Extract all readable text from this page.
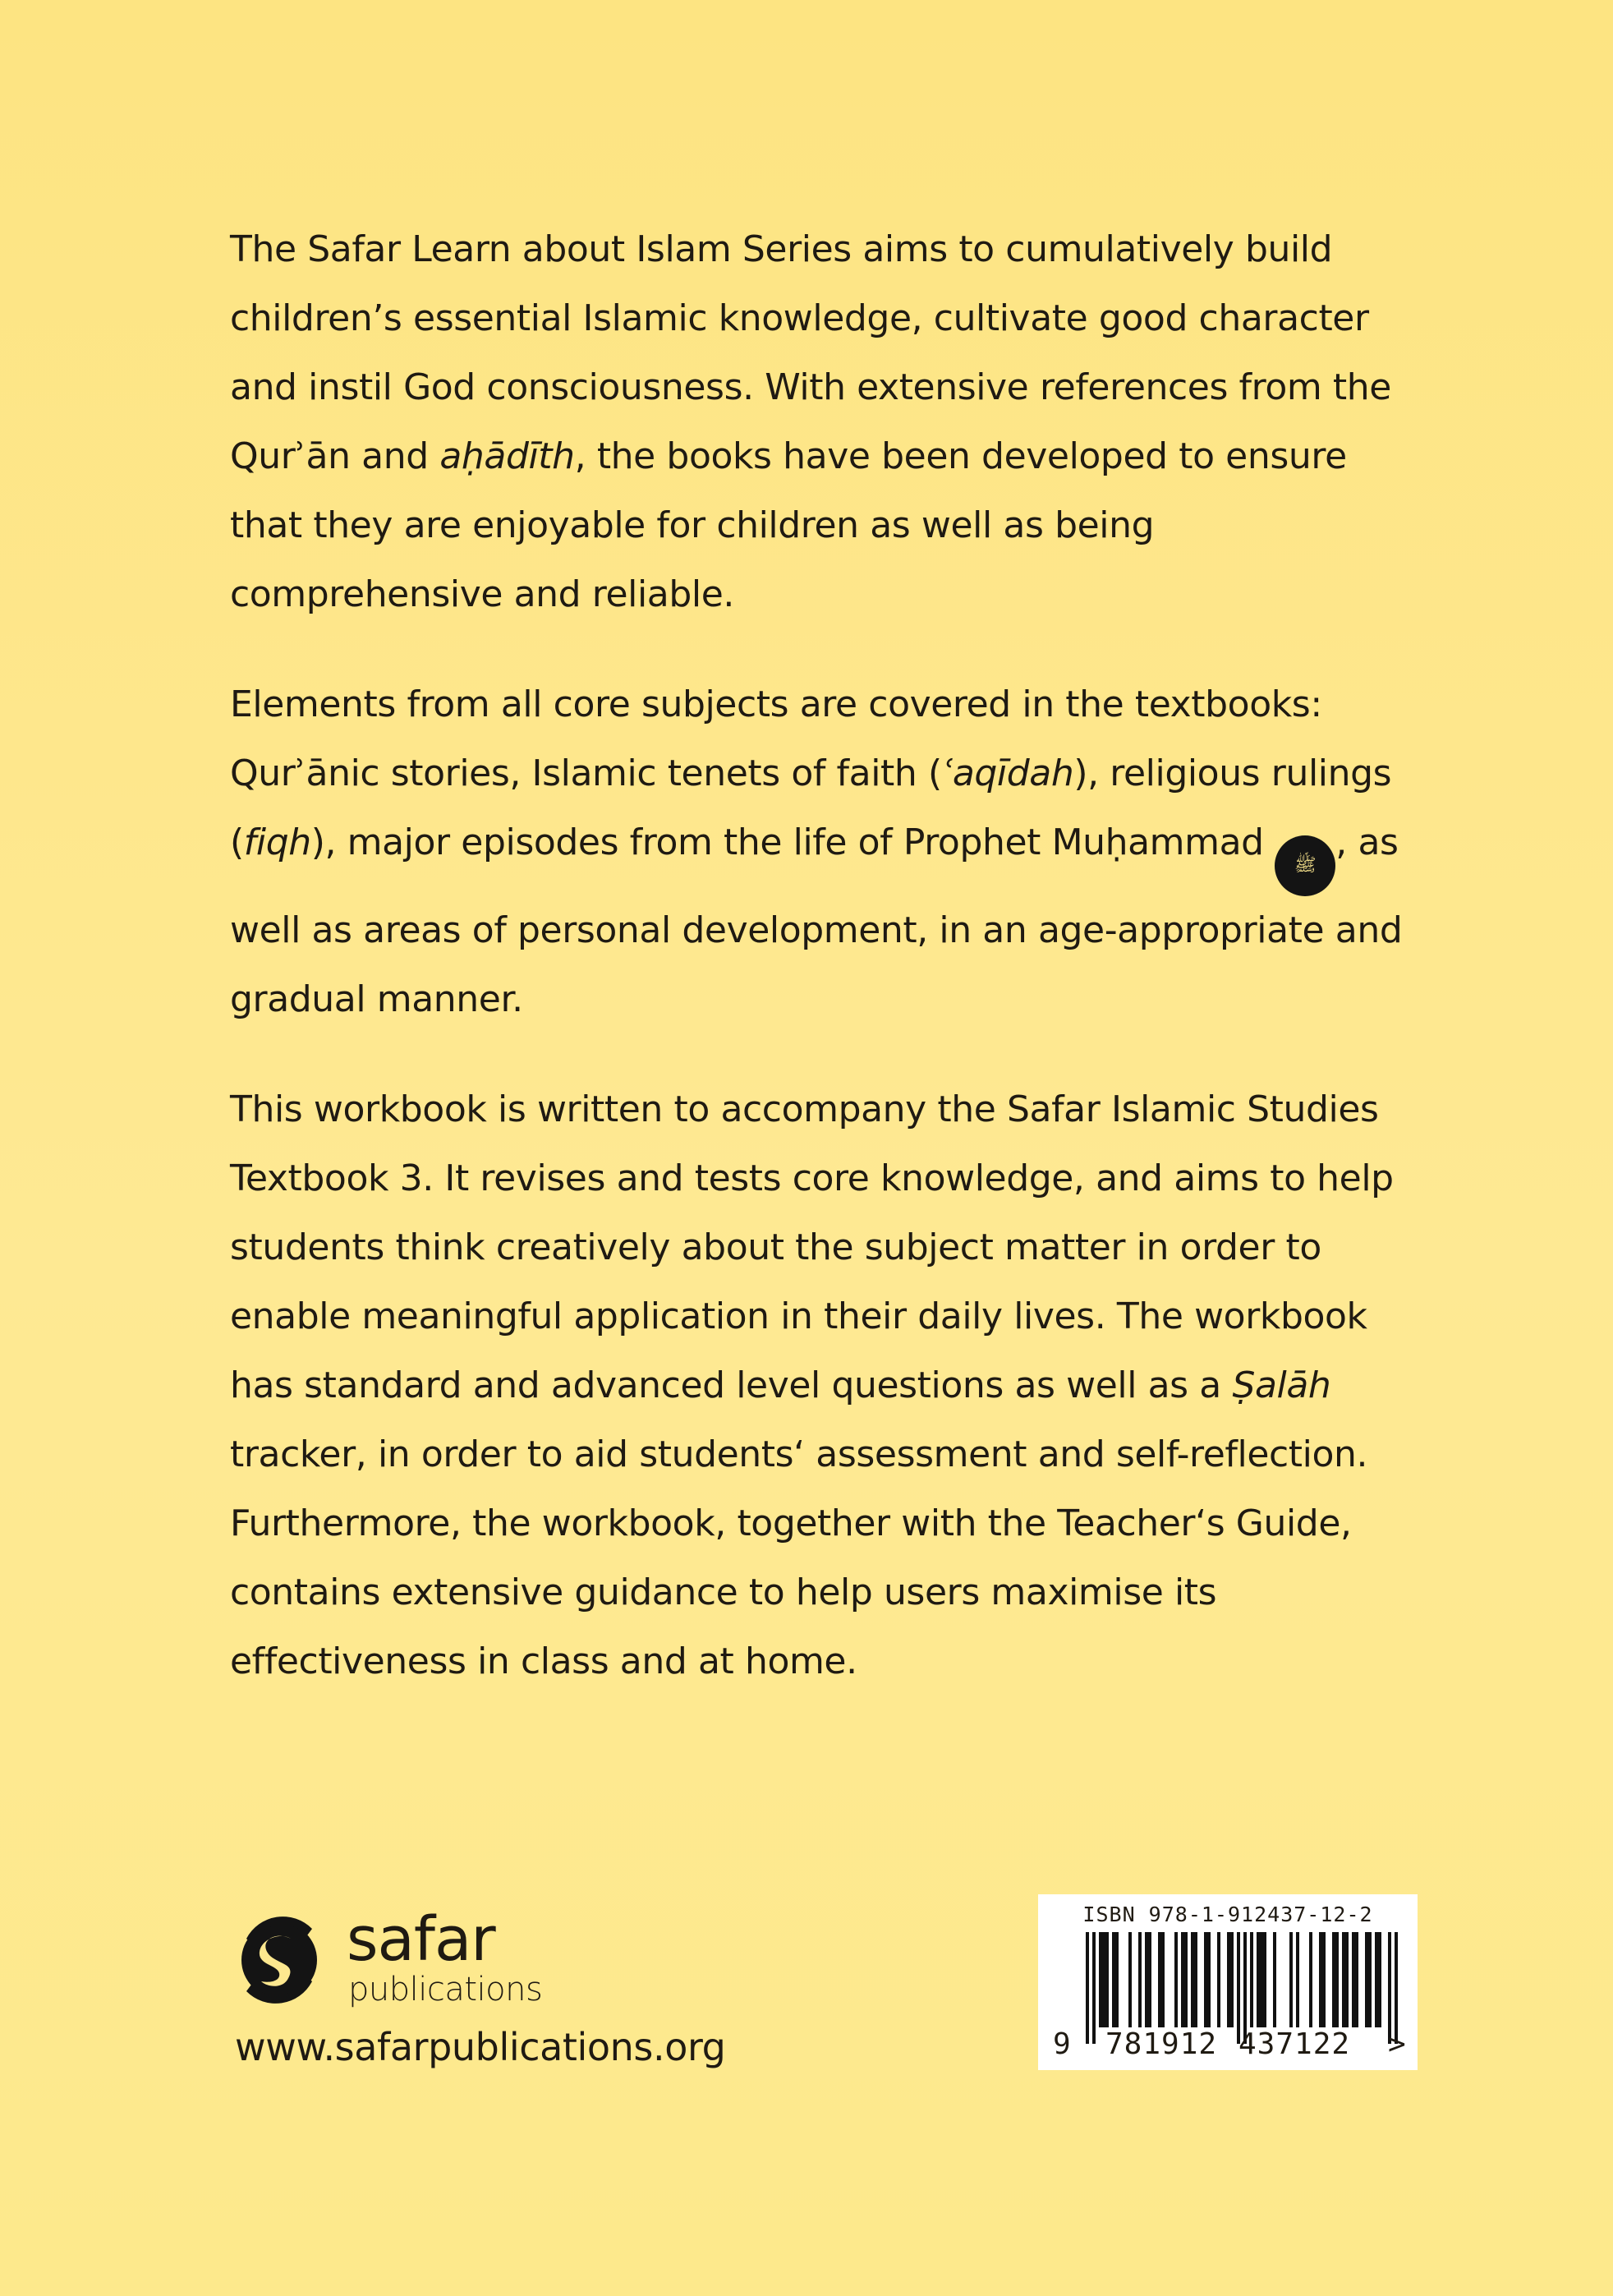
The Safar Learn about Islam Series aims to cumulatively build children’s essential Islamic knowledge, cultivate good character and instil God consciousness. With extensive references from the Qurʾān and aḥādīth, the books have been developed to ensure that they are enjoyable for children as well as being comprehensive and reliable.

Elements from all core subjects are covered in the textbooks: Qurʾānic stories, Islamic tenets of faith (ʿaqīdah), religious rulings (fiqh), major episodes from the life of Prophet Muḥammad ﷺ, as well as areas of personal development, in an age-appropriate and gradual manner.

This workbook is written to accompany the Safar Islamic Studies Textbook 3. It revises and tests core knowledge, and aims to help students think creatively about the subject matter in order to enable meaningful application in their daily lives. The workbook has standard and advanced level questions as well as a Ṣalāh tracker, in order to aid students‘ assessment and self-reflection. Furthermore, the workbook, together with the Teacher‘s Guide, contains extensive guidance to help users maximise its effectiveness in class and at home.

safar
publications
www.safarpublications.org
ISBN 978-1-912437-12-2
9 781912 437122 >
